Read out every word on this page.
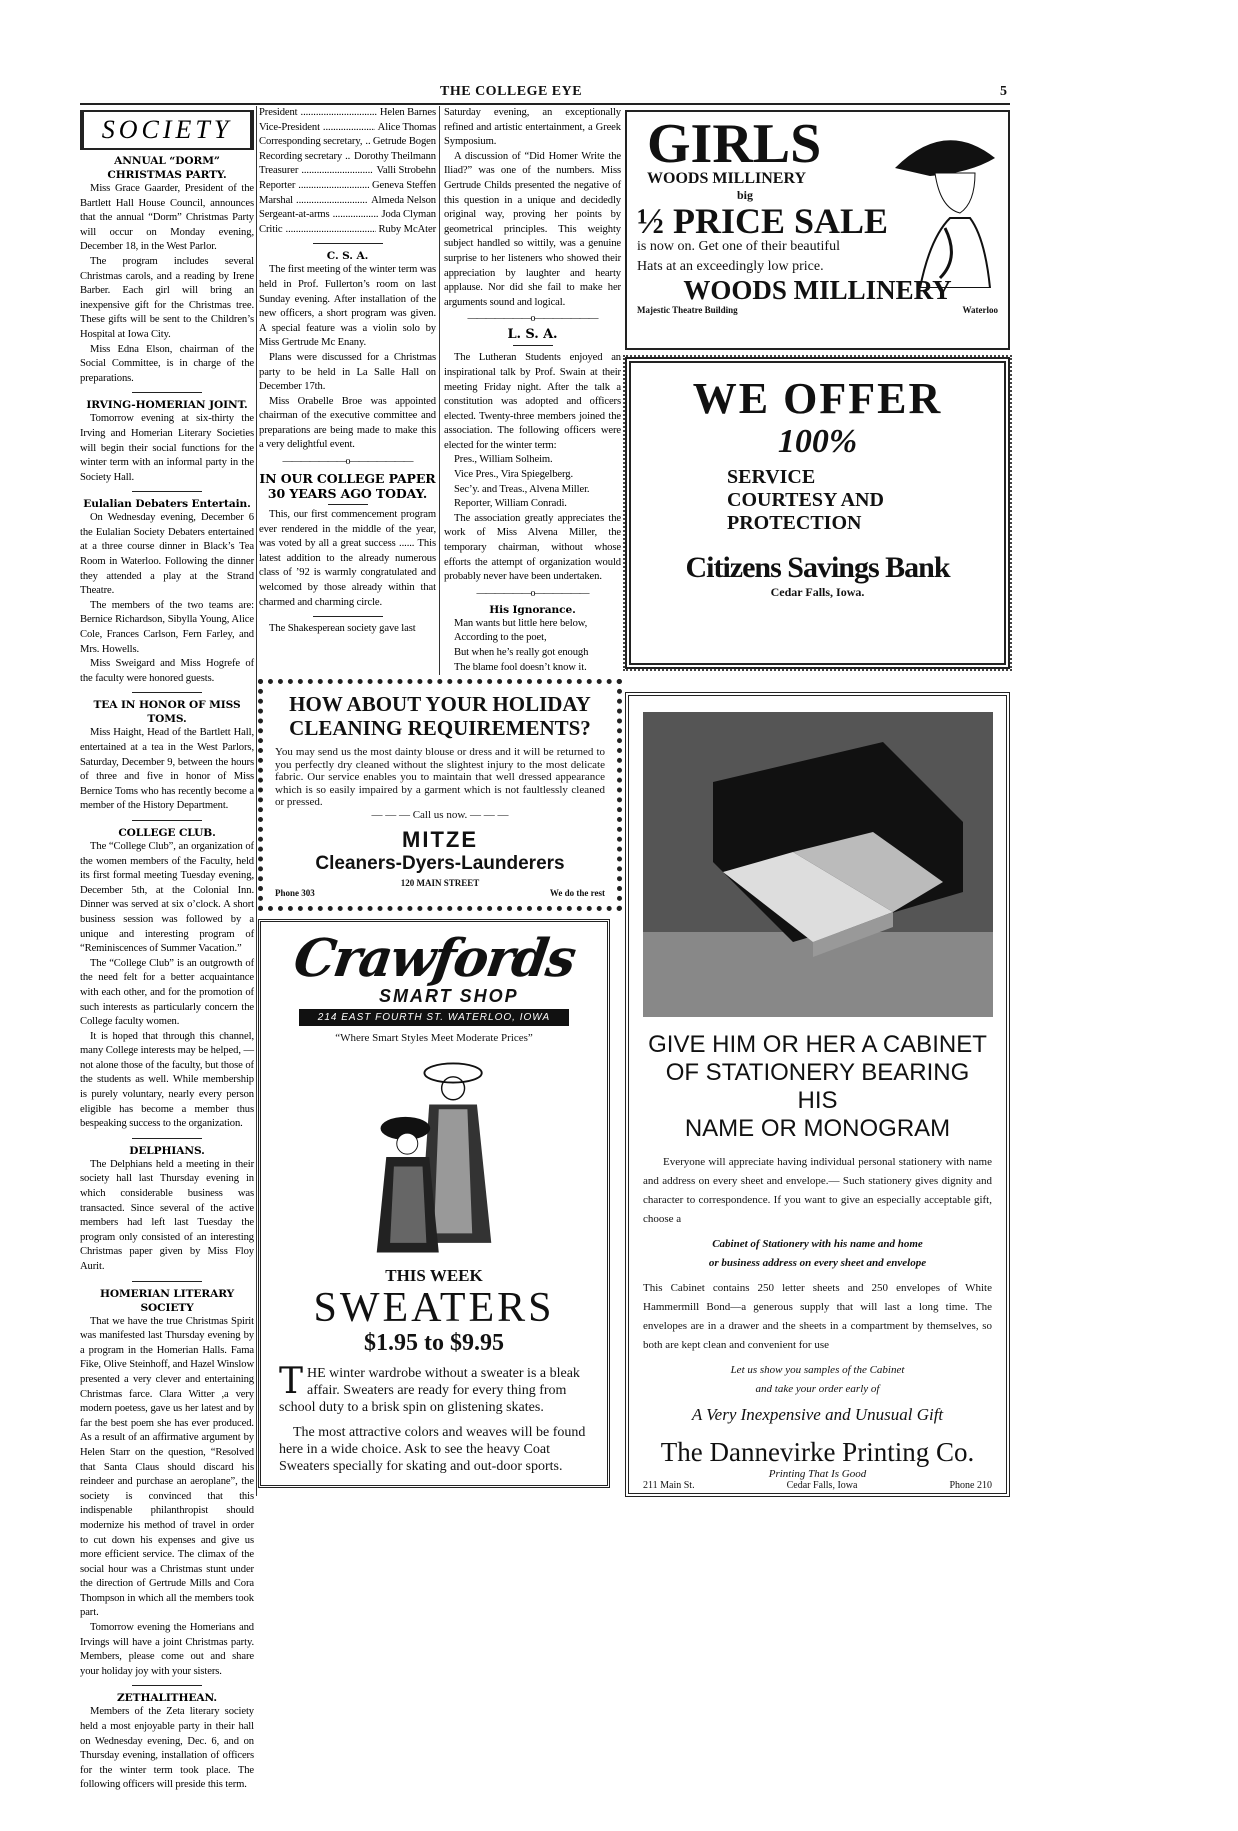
THE COLLEGE EYE	5
SOCIETY
ANNUAL “DORM” CHRISTMAS PARTY.

Miss Grace Gaarder, President of the Bartlett Hall House Council, announces that the annual “Dorm” Christmas Party will occur on Monday evening, December 18, in the West Parlor.

The program includes several Christmas carols, and a reading by Irene Barber. Each girl will bring an inexpensive gift for the Christmas tree. These gifts will be sent to the Children’s Hospital at Iowa City.

Miss Edna Elson, chairman of the Social Committee, is in charge of the preparations.

IRVING-HOMERIAN JOINT.

Tomorrow evening at six-thirty the Irving and Homerian Literary Societies will begin their social functions for the winter term with an informal party in the Society Hall.

Eulalian Debaters Entertain.

On Wednesday evening, December 6 the Eulalian Society Debaters entertained at a three course dinner in Black’s Tea Room in Waterloo. Following the dinner they attended a play at the Strand Theatre.

The members of the two teams are: Bernice Richardson, Sibylla Young, Alice Cole, Frances Carlson, Fern Farley, and Mrs. Howells.

Miss Sweigard and Miss Hogrefe of the faculty were honored guests.

TEA IN HONOR OF MISS TOMS.

Miss Haight, Head of the Bartlett Hall, entertained at a tea in the West Parlors, Saturday, December 9, between the hours of three and five in honor of Miss Bernice Toms who has recently become a member of the History Department.

COLLEGE CLUB.

The “College Club”, an organization of the women members of the Faculty, held its first formal meeting Tuesday evening, December 5th, at the Colonial Inn. Dinner was served at six o’clock. A short business session was followed by a unique and interesting program of “Reminiscences of Summer Vacation.”

The “College Club” is an outgrowth of the need felt for a better acquaintance with each other, and for the promotion of such interests as particularly concern the College faculty women.

It is hoped that through this channel, many College interests may be helped, —not alone those of the faculty, but those of the students as well. While membership is purely voluntary, nearly every person eligible has become a member thus bespeaking success to the organization.

DELPHIANS.

The Delphians held a meeting in their society hall last Thursday evening in which considerable business was transacted. Since several of the active members had left last Tuesday the program only consisted of an interesting Christmas paper given by Miss Floy Aurit.

HOMERIAN LITERARY SOCIETY

That we have the true Christmas Spirit was manifested last Thursday evening by a program in the Homerian Halls. Fama Fike, Olive Steinhoff, and Hazel Winslow presented a very clever and entertaining Christmas farce. Clara Witter ,a very modern poetess, gave us her latest and by far the best poem she has ever produced. As a result of an affirmative argument by Helen Starr on the question, “Resolved that Santa Claus should discard his reindeer and purchase an aeroplane”, the society is convinced that this indispenable philanthropist should modernize his method of travel in order to cut down his expenses and give us more efficient service. The climax of the social hour was a Christmas stunt under the direction of Gertrude Mills and Cora Thompson in which all the members took part.

Tomorrow evening the Homerians and Irvings will have a joint Christmas party. Members, please come out and share your holiday joy with your sisters.

ZETHALITHEAN.

Members of the Zeta literary society held a most enjoyable party in their hall on Wednesday evening, Dec. 6, and on Thursday evening, installation of officers for the winter term took place. The following officers will preside this term.

President .....	Helen Barnes
Vice-President .....	Alice Thomas
Corresponding secretary, ..... Getrude Bogen
Recording secretary ..... Dorothy Theilmann
Treasurer .....	Valli Strobehn
Reporter .....	Geneva Steffen
Marshal .....	Almeda Nelson
Sergeant-at-arms .....	Joda Clyman
Critic .....	Ruby McAter
C. S. A.

The first meeting of the winter term was held in Prof. Fullerton’s room on last Sunday evening. After installation of the new officers, a short program was given. A special feature was a violin solo by Miss Gertrude Mc Enany.

Plans were discussed for a Christmas party to be held in La Salle Hall on December 17th.

Miss Orabelle Broe was appointed chairman of the executive committee and preparations are being made to make this a very delightful event.

———————o———————
IN OUR COLLEGE PAPER 30 YEARS AGO TODAY.

This, our first commencement program ever rendered in the middle of the year, was voted by all a great success ...... This latest addition to the already numerous class of ’92 is warmly congratulated and welcomed by those already within that charmed and charming circle.

The Shakesperean society gave last

Saturday evening, an exceptionally refined and artistic entertainment, a Greek Symposium.

A discussion of “Did Homer Write the Iliad?” was one of the numbers. Miss Gertrude Childs presented the negative of this question in a unique and decidedly original way, proving her points by geometrical principles. This weighty subject handled so wittily, was a genuine surprise to her listeners who showed their appreciation by laughter and hearty applause. Nor did she fail to make her arguments sound and logical.

———————o———————
L. S. A.

The Lutheran Students enjoyed an inspirational talk by Prof. Swain at their meeting Friday night. After the talk a constitution was adopted and officers elected. Twenty-three members joined the association. The following officers were elected for the winter term:

Pres., William Solheim.
Vice Pres., Vira Spiegelberg.
Sec’y. and Treas., Alvena Miller.
Reporter, William Conradi.

The association greatly appreciates the work of Miss Alvena Miller, the temporary chairman, without whose efforts the attempt of organization would probably never have been undertaken.

——————o——————
His Ignorance.

Man wants but little here below,

According to the poet,

But when he’s really got enough

The blame fool doesn’t know it.

HOW ABOUT YOUR HOLIDAY
CLEANING REQUIREMENTS?
You may send us the most dainty blouse or dress and it will be returned to you perfectly dry cleaned without the slightest injury to the most delicate fabric. Our service enables you to maintain that well dressed appearance which is so easily impaired by a garment which is not faultlessly cleaned or pressed.
— — — Call us now. — — —
MITZE
Cleaners-Dyers-Launderers
120 MAIN STREET
Phone 303	We do the rest
Crawfords
SMART SHOP
214 EAST FOURTH ST. WATERLOO, IOWA
“Where Smart Styles Meet Moderate Prices”
THIS WEEK
SWEATERS
$1.95 to $9.95
T HE winter wardrobe without a sweater is a bleak affair. Sweaters are ready for every thing from school duty to a brisk spin on glistening skates.
The most attractive colors and weaves will be found here in a wide choice. Ask to see the heavy Coat Sweaters specially for skating and out-door sports.
GIRLS
WOODS MILLINERY
big
½ PRICE SALE
is now on. Get one of their beautiful
Hats at an exceedingly low price.
WOODS MILLINERY
Majestic Theatre Building	Waterloo
WE OFFER
100%
SERVICE
COURTESY AND
PROTECTION
Citizens Savings Bank
Cedar Falls, Iowa.
GIVE HIM OR HER A CABINET
OF STATIONERY BEARING HIS
NAME OR MONOGRAM
Everyone will appreciate having individual personal stationery with name and address on every sheet and envelope.— Such stationery gives dignity and character to correspondence. If you want to give an especially acceptable gift, choose a
Cabinet of Stationery with his name and home
or business address on every sheet and envelope
This Cabinet contains 250 letter sheets and 250 envelopes of White Hammermill Bond—a generous supply that will last a long time. The envelopes are in a drawer and the sheets in a compartment by themselves, so both are kept clean and convenient for use
Let us show you samples of the Cabinet
and take your order early of
A Very Inexpensive and Unusual Gift
The Dannevirke Printing Co.
Printing That Is Good
211 Main St.	Cedar Falls, Iowa	Phone 210
